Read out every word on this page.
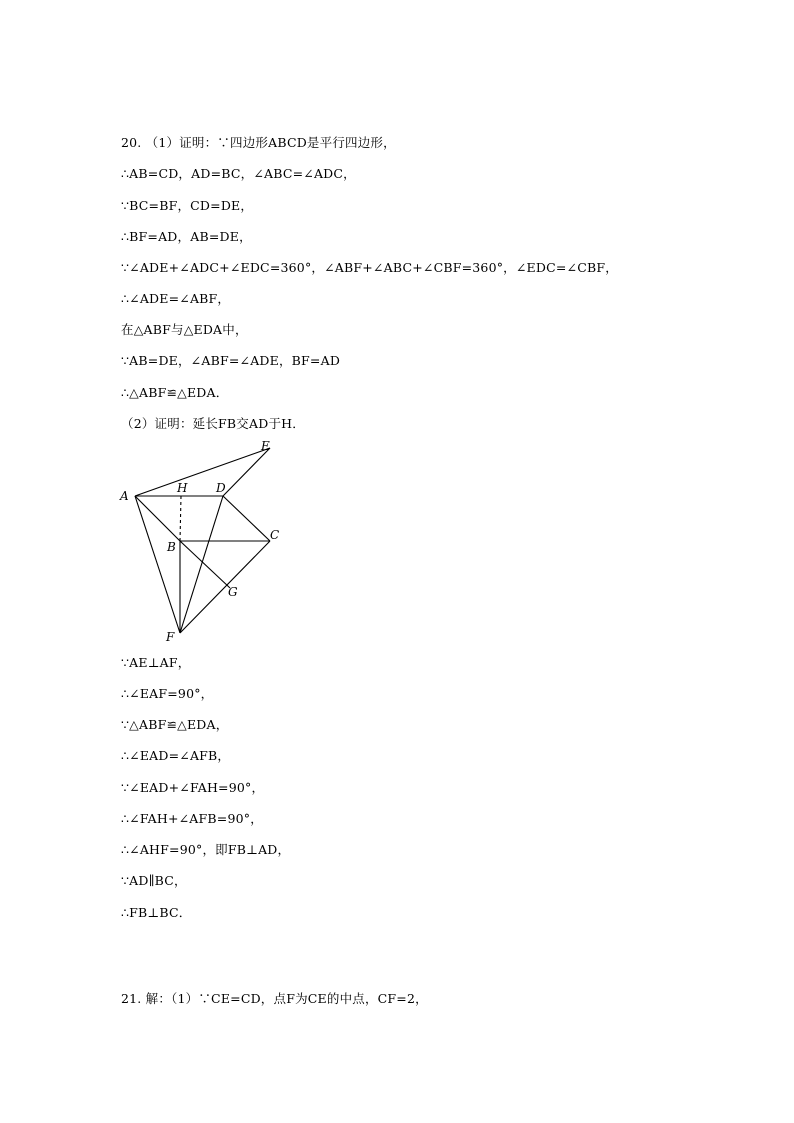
20. （1）证明：∵四边形ABCD是平行四边形，
∴AB=CD，AD=BC，∠ABC=∠ADC，
∵BC=BF，CD=DE，
∴BF=AD，AB=DE，
∵∠ADE+∠ADC+∠EDC=360°，∠ABF+∠ABC+∠CBF=360°，∠EDC=∠CBF，
∴∠ADE=∠ABF，
在△ABF与△EDA中，
∵AB=DE，∠ABF=∠ADE，BF=AD
∴△ABF≌△EDA．
（2）证明：延长FB交AD于H．
A
H D
E
B
C
G
F
∵AE⊥AF，
∴∠EAF=90°，
∵△ABF≌△EDA，
∴∠EAD=∠AFB，
∵∠EAD+∠FAH=90°，
∴∠FAH+∠AFB=90°，
∴∠AHF=90°，即FB⊥AD，
∵AD∥BC，
∴FB⊥BC．
21. 解：（1）∵CE=CD，点F为CE的中点，CF=2，
